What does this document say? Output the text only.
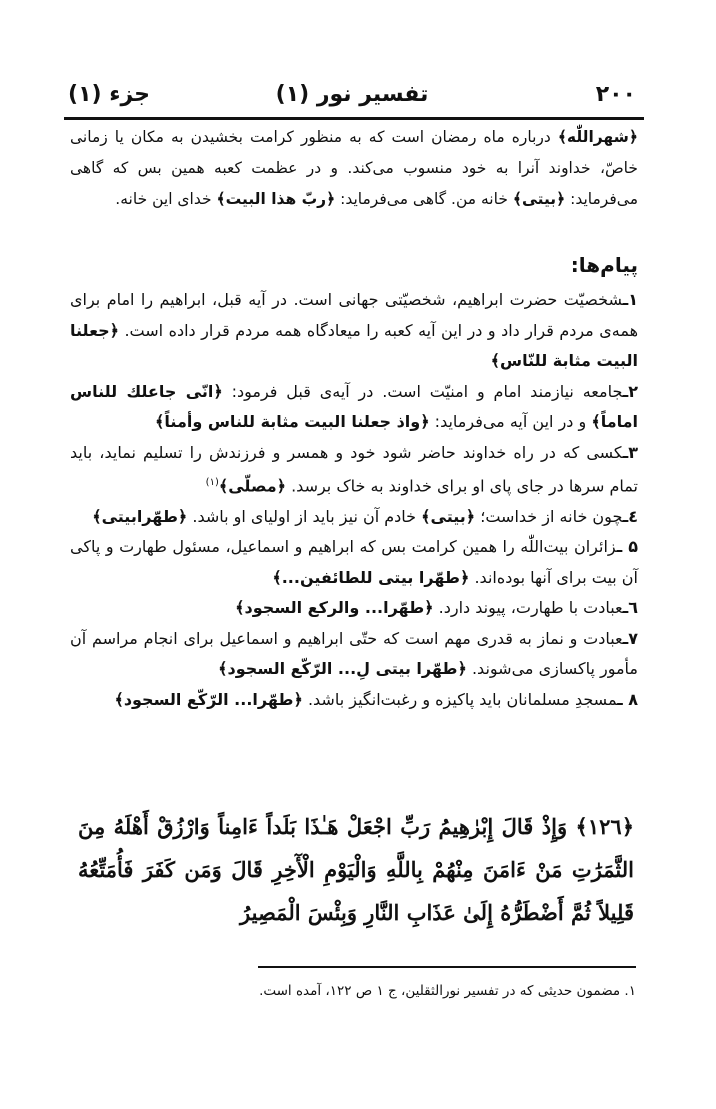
۲۰۰
تفسیر نور (۱)
جزء (۱)
﴿شهراللّٰه﴾ درباره ماه رمضان است که به منظور کرامت بخشیدن به مکان یا زمانی خاصّ، خداوند آنرا به خود منسوب می‌کند. و در عظمت کعبه همین بس که گاهی می‌فرماید: ﴿بیتی﴾ خانه من. گاهی می‌فرماید: ﴿ربّ هذا البیت﴾ خدای این خانه.
پیام‌ها:

۱ـشخصیّت حضرت ابراهیم، شخصیّتی جهانی است. در آیه قبل، ابراهیم را امام برای همه‌ی مردم قرار داد و در این آیه کعبه را میعادگاه همه مردم قرار داده است. ﴿جعلنا البیت مثابة للنّاس﴾

۲ـجامعه نیازمند امام و امنیّت است. در آیه‌ی قبل فرمود: ﴿انّی جاعلك للناس اماماً﴾ و در این آیه می‌فرماید: ﴿واذ جعلنا البیت مثابة للناس وأمناً﴾

۳ـکسی که در راه خداوند حاضر شود خود و همسر و فرزندش را تسلیم نماید، باید تمام سرها در جای پای او برای خداوند به خاک برسد. ﴿مصلّی﴾$^{(۱)}$

٤ـچون خانه از خداست؛ ﴿بیتی﴾ خادم آن نیز باید از اولیای او باشد. ﴿طهّرابیتی﴾

۵ ـزائران بیت‌اللّٰه را همین کرامت بس که ابراهیم و اسماعیل، مسئول طهارت و پاکی آن بیت برای آنها بوده‌اند. ﴿طهّرا بیتی للطائفین...﴾

٦ـعبادت با طهارت، پیوند دارد. ﴿طهّرا... والرکع السجود﴾

۷ـعبادت و نماز به قدری مهم است که حتّی ابراهیم و اسماعیل برای انجام مراسم آن مأمور پاکسازی می‌شوند. ﴿طهّرا بیتی لِ... الرّکّع السجود﴾

۸ ـمسجدِ مسلمانان باید پاکیزه و رغبت‌انگیز باشد. ﴿طهّرا... الرّکّع السجود﴾

﴿۱۲٦﴾ وَإِذْ قَالَ إِبْرٰهِيمُ رَبِّ اجْعَلْ هَـٰذَا بَلَداً ءَامِناً وَارْزُقْ أَهْلَهُ مِنَ الثَّمَرَٰتِ مَنْ ءَامَنَ مِنْهُمْ بِاللَّهِ وَالْيَوْمِ الْأٓخِرِ قَالَ وَمَن كَفَرَ فَأُمَتِّعُهُ قَلِيلاً ثُمَّ أَضْطَرُّهُ إِلَىٰ عَذَابِ النَّارِ وَبِئْسَ الْمَصِيرُ
۱. مضمون حدیثی که در تفسیر نورالثقلین، ج ۱ ص ۱۲۲، آمده است.
